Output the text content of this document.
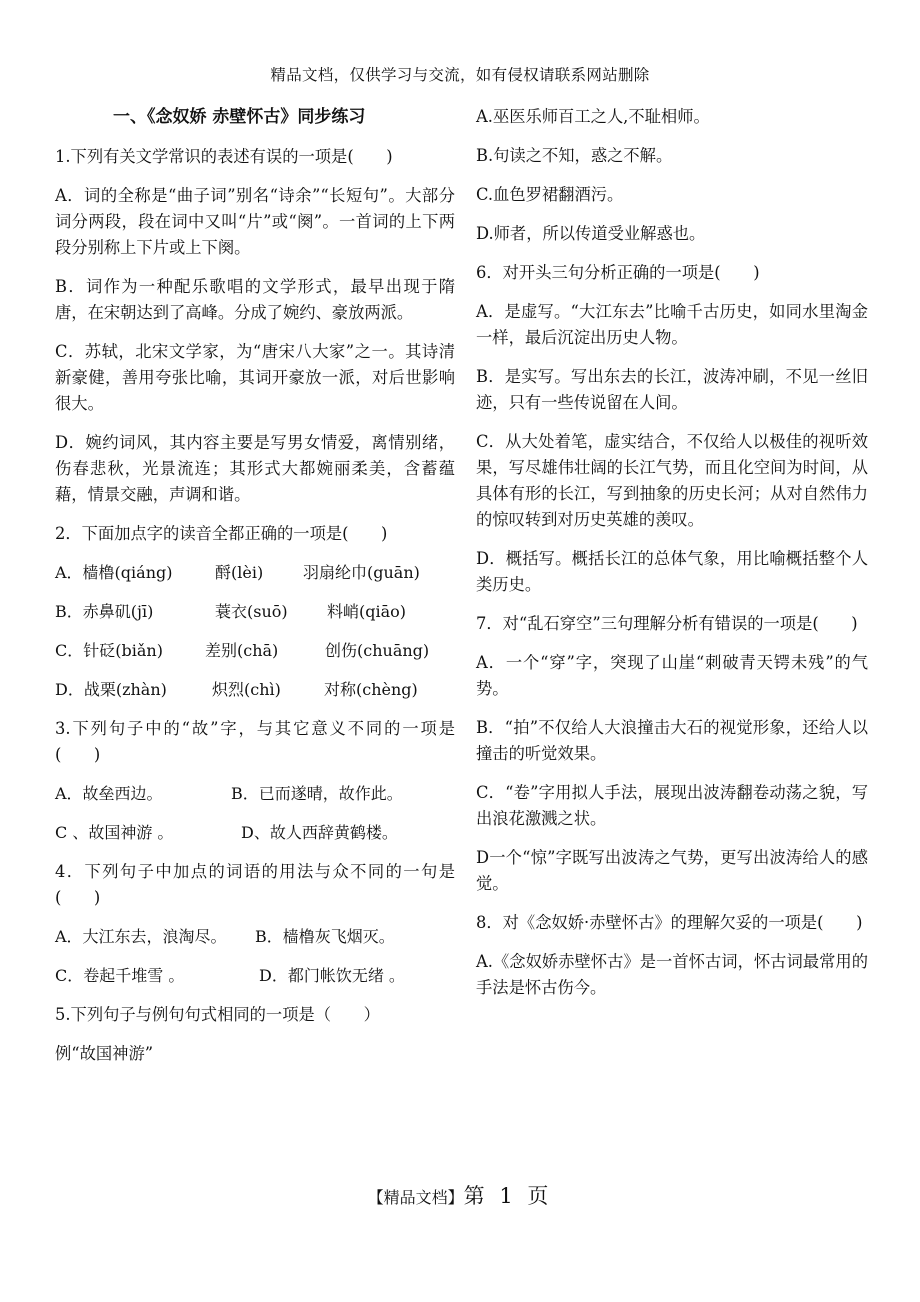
精品文档，仅供学习与交流，如有侵权请联系网站删除
一、《念奴娇 赤壁怀古》同步练习

1.下列有关文学常识的表述有误的一项是(　　)

A．词的全称是“曲子词”别名“诗余”“长短句”。大部分词分两段，段在词中又叫“片”或“阕”。一首词的上下两段分别称上下片或上下阕。

B．词作为一种配乐歌唱的文学形式，最早出现于隋唐，在宋朝达到了高峰。分成了婉约、豪放两派。

C．苏轼，北宋文学家，为“唐宋八大家”之一。其诗清新豪健，善用夸张比喻，其词开豪放一派，对后世影响很大。

D．婉约词风，其内容主要是写男女情爱，离情别绪，伤春悲秋，光景流连；其形式大都婉丽柔美，含蓄蕴藉，情景交融，声调和谐。

2．下面加点字的读音全都正确的一项是(　　)

A．樯橹(qiáng)	酹(lèi)	羽扇纶巾(guān)
B．赤鼻矶(jī)	蓑衣(suō)	料峭(qiāo)
C．针砭(biǎn)	差别(chā)	创伤(chuāng)
D．战栗(zhàn)	炽烈(chì)	对称(chèng)

3.下列句子中的“故”字，与其它意义不同的一项是(　　)

A．故垒西边。	B．已而遂晴，故作此。
C 、故国神游 。	D、故人西辞黄鹤楼。

4．下列句子中加点的词语的用法与众不同的一句是(　　)

A．大江东去，浪淘尽。	B．樯橹灰飞烟灭。
C．卷起千堆雪 。	D．都门帐饮无绪 。

5.下列句子与例句句式相同的一项是（　　）

例“故国神游”

A.巫医乐师百工之人,不耻相师。

B.句读之不知，惑之不解。

C.血色罗裙翻酒污。

D.师者，所以传道受业解惑也。

6．对开头三句分析正确的一项是(　　)

A．是虚写。“大江东去”比喻千古历史，如同水里淘金一样，最后沉淀出历史人物。

B．是实写。写出东去的长江，波涛冲刷，不见一丝旧迹，只有一些传说留在人间。

C．从大处着笔，虚实结合，不仅给人以极佳的视听效果，写尽雄伟壮阔的长江气势，而且化空间为时间，从具体有形的长江，写到抽象的历史长河；从对自然伟力的惊叹转到对历史英雄的羡叹。

D．概括写。概括长江的总体气象，用比喻概括整个人类历史。

7．对“乱石穿空”三句理解分析有错误的一项是(　　)

A．一个“穿”字，突现了山崖“刺破青天锷未残”的气势。

B．“拍”不仅给人大浪撞击大石的视觉形象，还给人以撞击的听觉效果。

C．“卷”字用拟人手法，展现出波涛翻卷动荡之貌，写出浪花激溅之状。

D一个“惊”字既写出波涛之气势，更写出波涛给人的感觉。

8．对《念奴娇·赤壁怀古》的理解欠妥的一项是(　　)

A.《念奴娇赤壁怀古》是一首怀古词，怀古词最常用的手法是怀古伤今。

【精品文档】第 1 页
